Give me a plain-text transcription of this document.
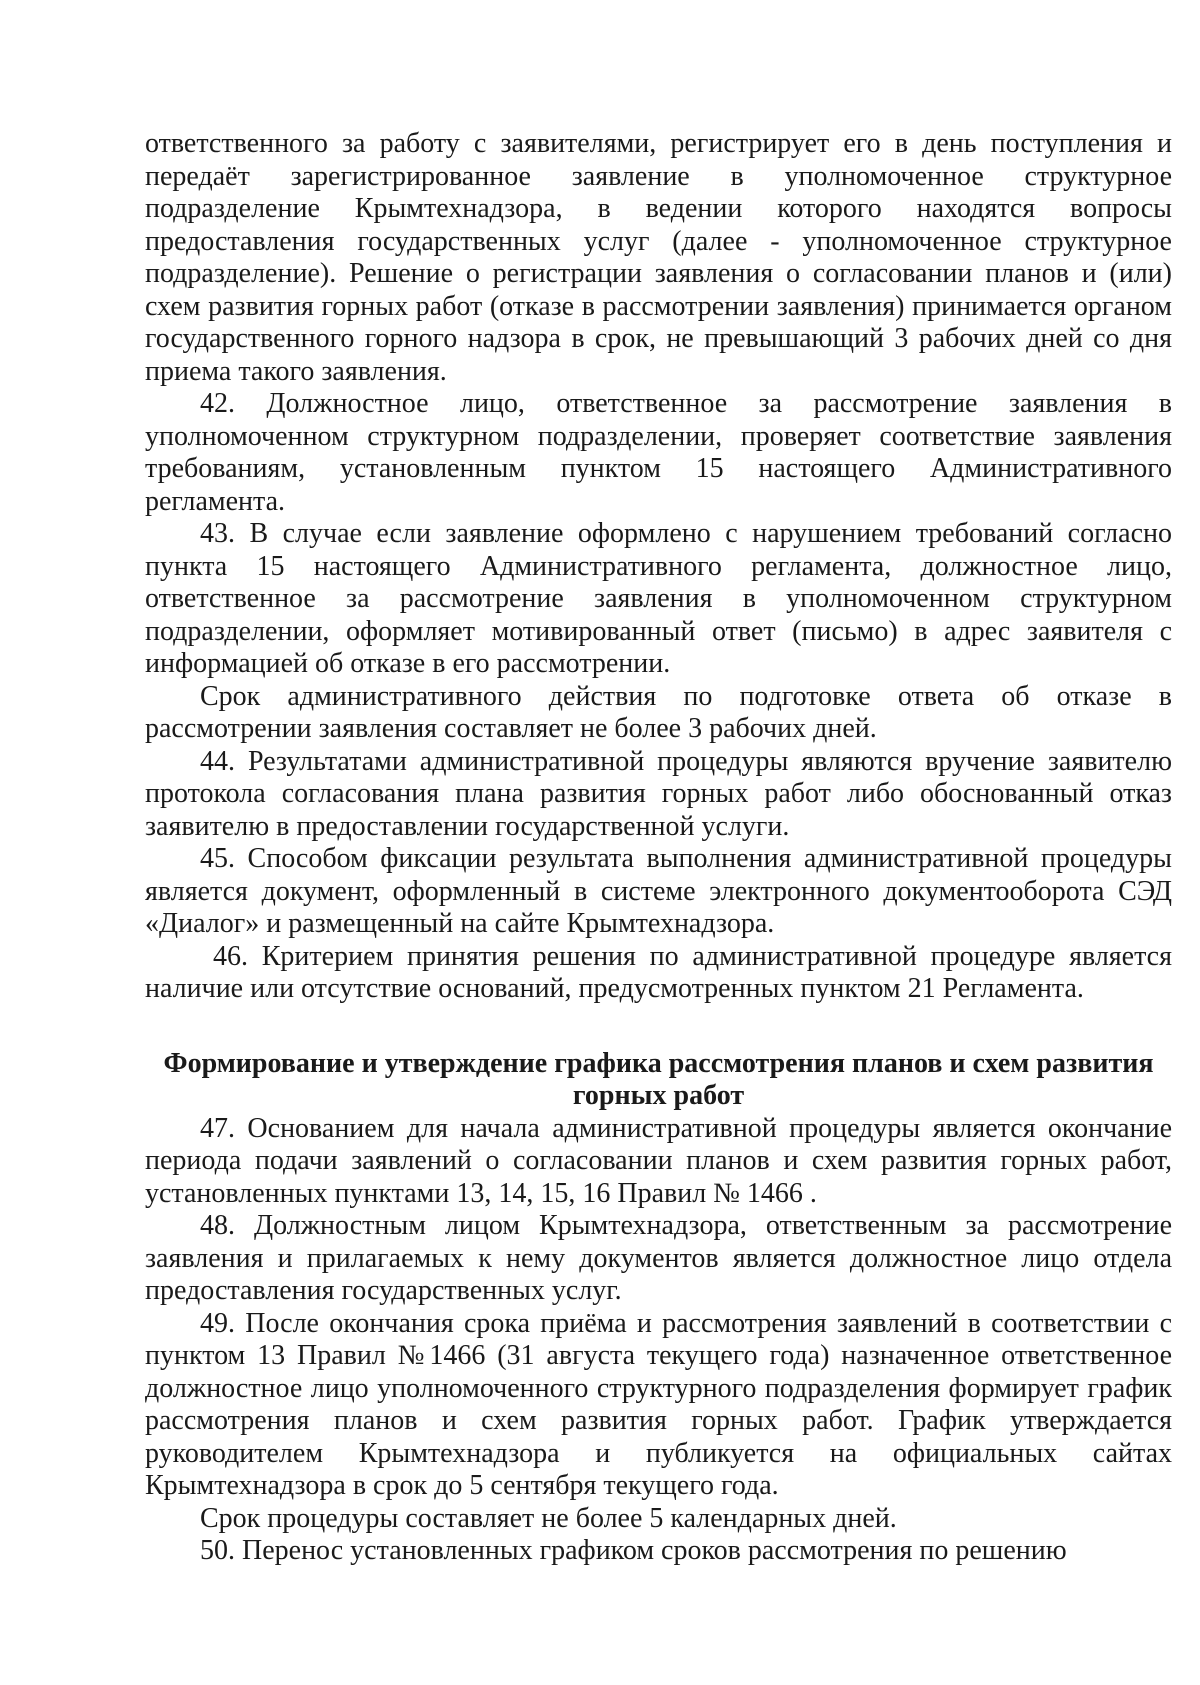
ответственного за работу с заявителями, регистрирует его в день поступления и передаёт зарегистрированное заявление в уполномоченное структурное подразделение Крымтехнадзора, в ведении которого находятся вопросы предоставления государственных услуг (далее - уполномоченное структурное подразделение). Решение о регистрации заявления о согласовании планов и (или) схем развития горных работ (отказе в рассмотрении заявления) принимается органом государственного горного надзора в срок, не превышающий 3 рабочих дней со дня приема такого заявления.

42. Должностное лицо, ответственное за рассмотрение заявления в уполномоченном структурном подразделении, проверяет соответствие заявления требованиям, установленным пунктом 15 настоящего Административного регламента.

43. В случае если заявление оформлено с нарушением требований согласно пункта 15 настоящего Административного регламента, должностное лицо, ответственное за рассмотрение заявления в уполномоченном структурном подразделении, оформляет мотивированный ответ (письмо) в адрес заявителя с информацией об отказе в его рассмотрении.

Срок административного действия по подготовке ответа об отказе в рассмотрении заявления составляет не более 3 рабочих дней.

44. Результатами административной процедуры являются вручение заявителю протокола согласования плана развития горных работ либо обоснованный отказ заявителю в предоставлении государственной услуги.

45. Способом фиксации результата выполнения административной процедуры является документ, оформленный в системе электронного документооборота СЭД «Диалог» и размещенный на сайте Крымтехнадзора.

46. Критерием принятия решения по административной процедуре является наличие или отсутствие оснований, предусмотренных пунктом 21 Регламента.

Формирование и утверждение графика рассмотрения планов и схем развития горных работ

47. Основанием для начала административной процедуры является окончание периода подачи заявлений о согласовании планов и схем развития горных работ, установленных пунктами 13, 14, 15, 16 Правил № 1466 .

48. Должностным лицом Крымтехнадзора, ответственным за рассмотрение заявления и прилагаемых к нему документов является должностное лицо отдела предоставления государственных услуг.

49. После окончания срока приёма и рассмотрения заявлений в соответствии с пунктом 13 Правил №1466 (31 августа текущего года) назначенное ответственное должностное лицо уполномоченного структурного подразделения формирует график рассмотрения планов и схем развития горных работ. График утверждается руководителем Крымтехнадзора и публикуется на официальных сайтах Крымтехнадзора в срок до 5 сентября текущего года.

Срок процедуры составляет не более 5 календарных дней.

50. Перенос установленных графиком сроков рассмотрения по решению
